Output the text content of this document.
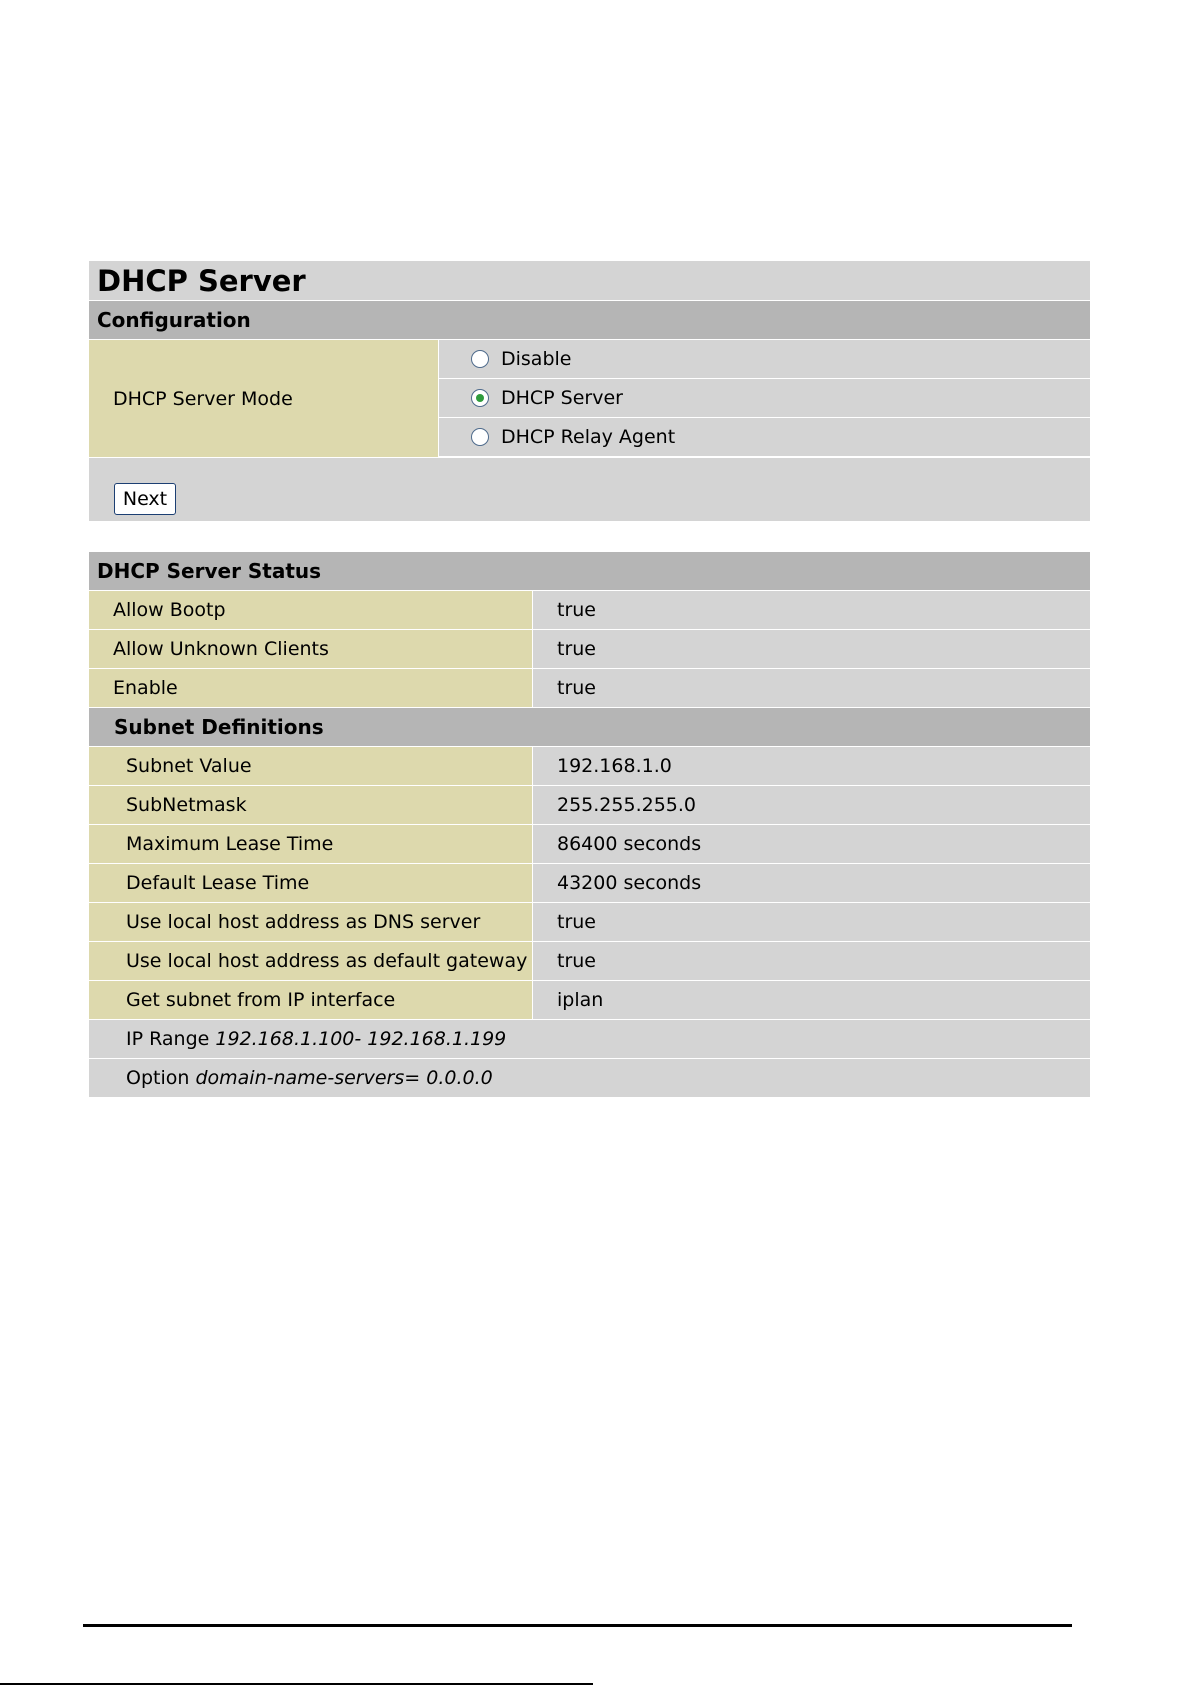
DHCP Server
Configuration
DHCP Server Mode
Disable
DHCP Server
DHCP Relay Agent
Next
DHCP Server Status
Allow Bootp	true
Allow Unknown Clients	true
Enable	true
Subnet Definitions
Subnet Value	192.168.1.0
SubNetmask	255.255.255.0
Maximum Lease Time	86400 seconds
Default Lease Time	43200 seconds
Use local host address as DNS server	true
Use local host address as default gateway	true
Get subnet from IP interface	iplan
IP Range 192.168.1.100- 192.168.1.199
Option domain-name-servers= 0.0.0.0
